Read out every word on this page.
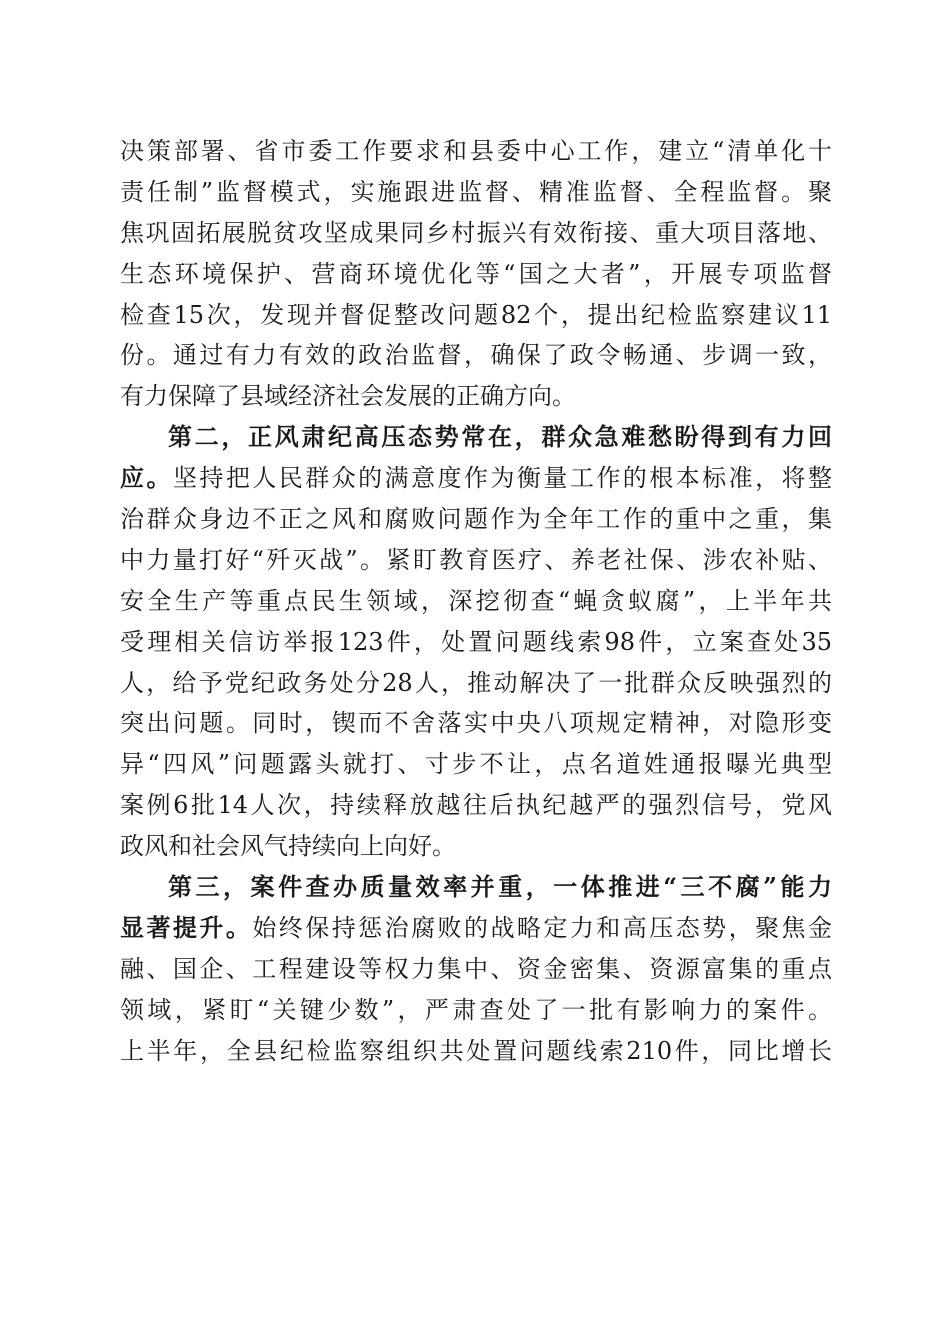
决策部署、省市委工作要求和县委中心工作，建立“清单化十
责任制”监督模式，实施跟进监督、精准监督、全程监督。聚
焦巩固拓展脱贫攻坚成果同乡村振兴有效衔接、重大项目落地、
生态环境保护、营商环境优化等“国之大者”，开展专项监督
检查15次，发现并督促整改问题82个，提出纪检监察建议11
份。通过有力有效的政治监督，确保了政令畅通、步调一致，
有力保障了县域经济社会发展的正确方向。
第二，正风肃纪高压态势常在，群众急难愁盼得到有力回
应。坚持把人民群众的满意度作为衡量工作的根本标准，将整
治群众身边不正之风和腐败问题作为全年工作的重中之重，集
中力量打好“歼灭战”。紧盯教育医疗、养老社保、涉农补贴、
安全生产等重点民生领域，深挖彻查“蝇贪蚁腐”，上半年共
受理相关信访举报123件，处置问题线索98件，立案查处35
人，给予党纪政务处分28人，推动解决了一批群众反映强烈的
突出问题。同时，锲而不舍落实中央八项规定精神，对隐形变
异“四风”问题露头就打、寸步不让，点名道姓通报曝光典型
案例6批14人次，持续释放越往后执纪越严的强烈信号，党风
政风和社会风气持续向上向好。
第三，案件查办质量效率并重，一体推进“三不腐”能力
显著提升。始终保持惩治腐败的战略定力和高压态势，聚焦金
融、国企、工程建设等权力集中、资金密集、资源富集的重点
领域，紧盯“关键少数”，严肃查处了一批有影响力的案件。
上半年，全县纪检监察组织共处置问题线索210件，同比增长
